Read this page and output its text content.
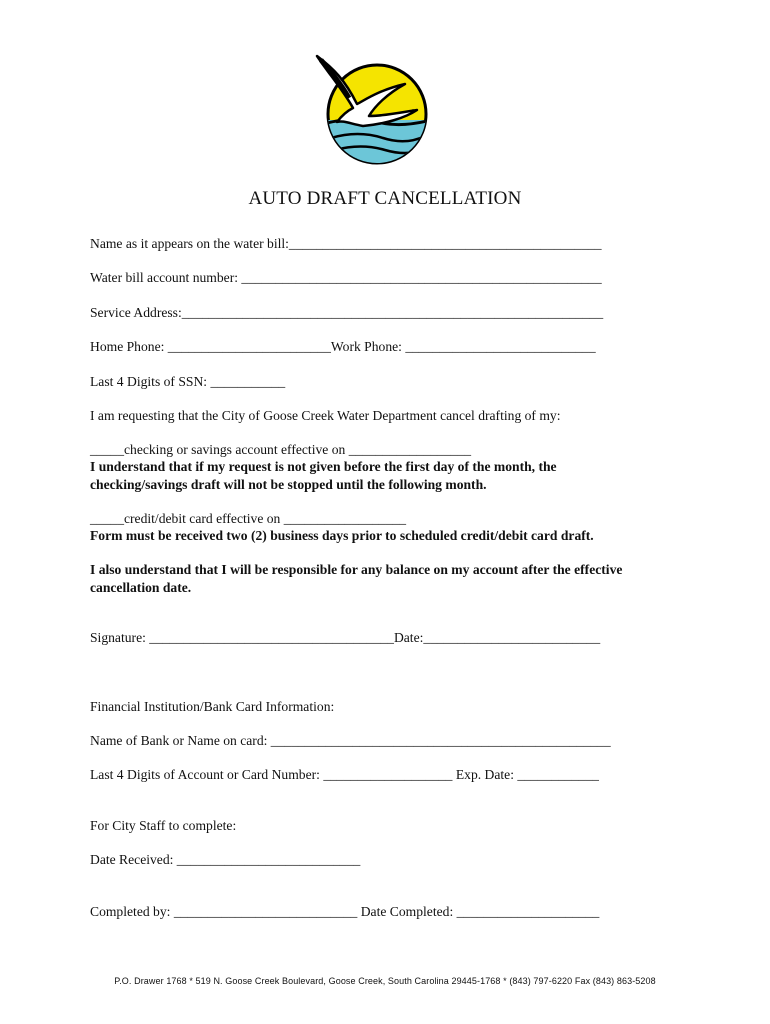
AUTO DRAFT CANCELLATION
Name as it appears on the water bill:______________________________________________
Water bill account number: _____________________________________________________
Service Address:______________________________________________________________
Home Phone: ________________________Work Phone: ____________________________
Last 4 Digits of SSN: ___________
I am requesting that the City of Goose Creek Water Department cancel drafting of my:
_____checking or savings account effective on __________________
I understand that if my request is not given before the first day of the month, the
checking/savings draft will not be stopped until the following month.
_____credit/debit card effective on __________________
Form must be received two (2) business days prior to scheduled credit/debit card draft.
I also understand that I will be responsible for any balance on my account after the effective
cancellation date.
Signature: ____________________________________Date:__________________________
Financial Institution/Bank Card Information:
Name of Bank or Name on card: __________________________________________________
Last 4 Digits of Account or Card Number: ___________________ Exp. Date: ____________
For City Staff to complete:
Date Received: ___________________________
Completed by: ___________________________ Date Completed: _____________________
P.O. Drawer 1768 * 519 N. Goose Creek Boulevard, Goose Creek, South Carolina 29445-1768 * (843) 797-6220 Fax (843) 863-5208
